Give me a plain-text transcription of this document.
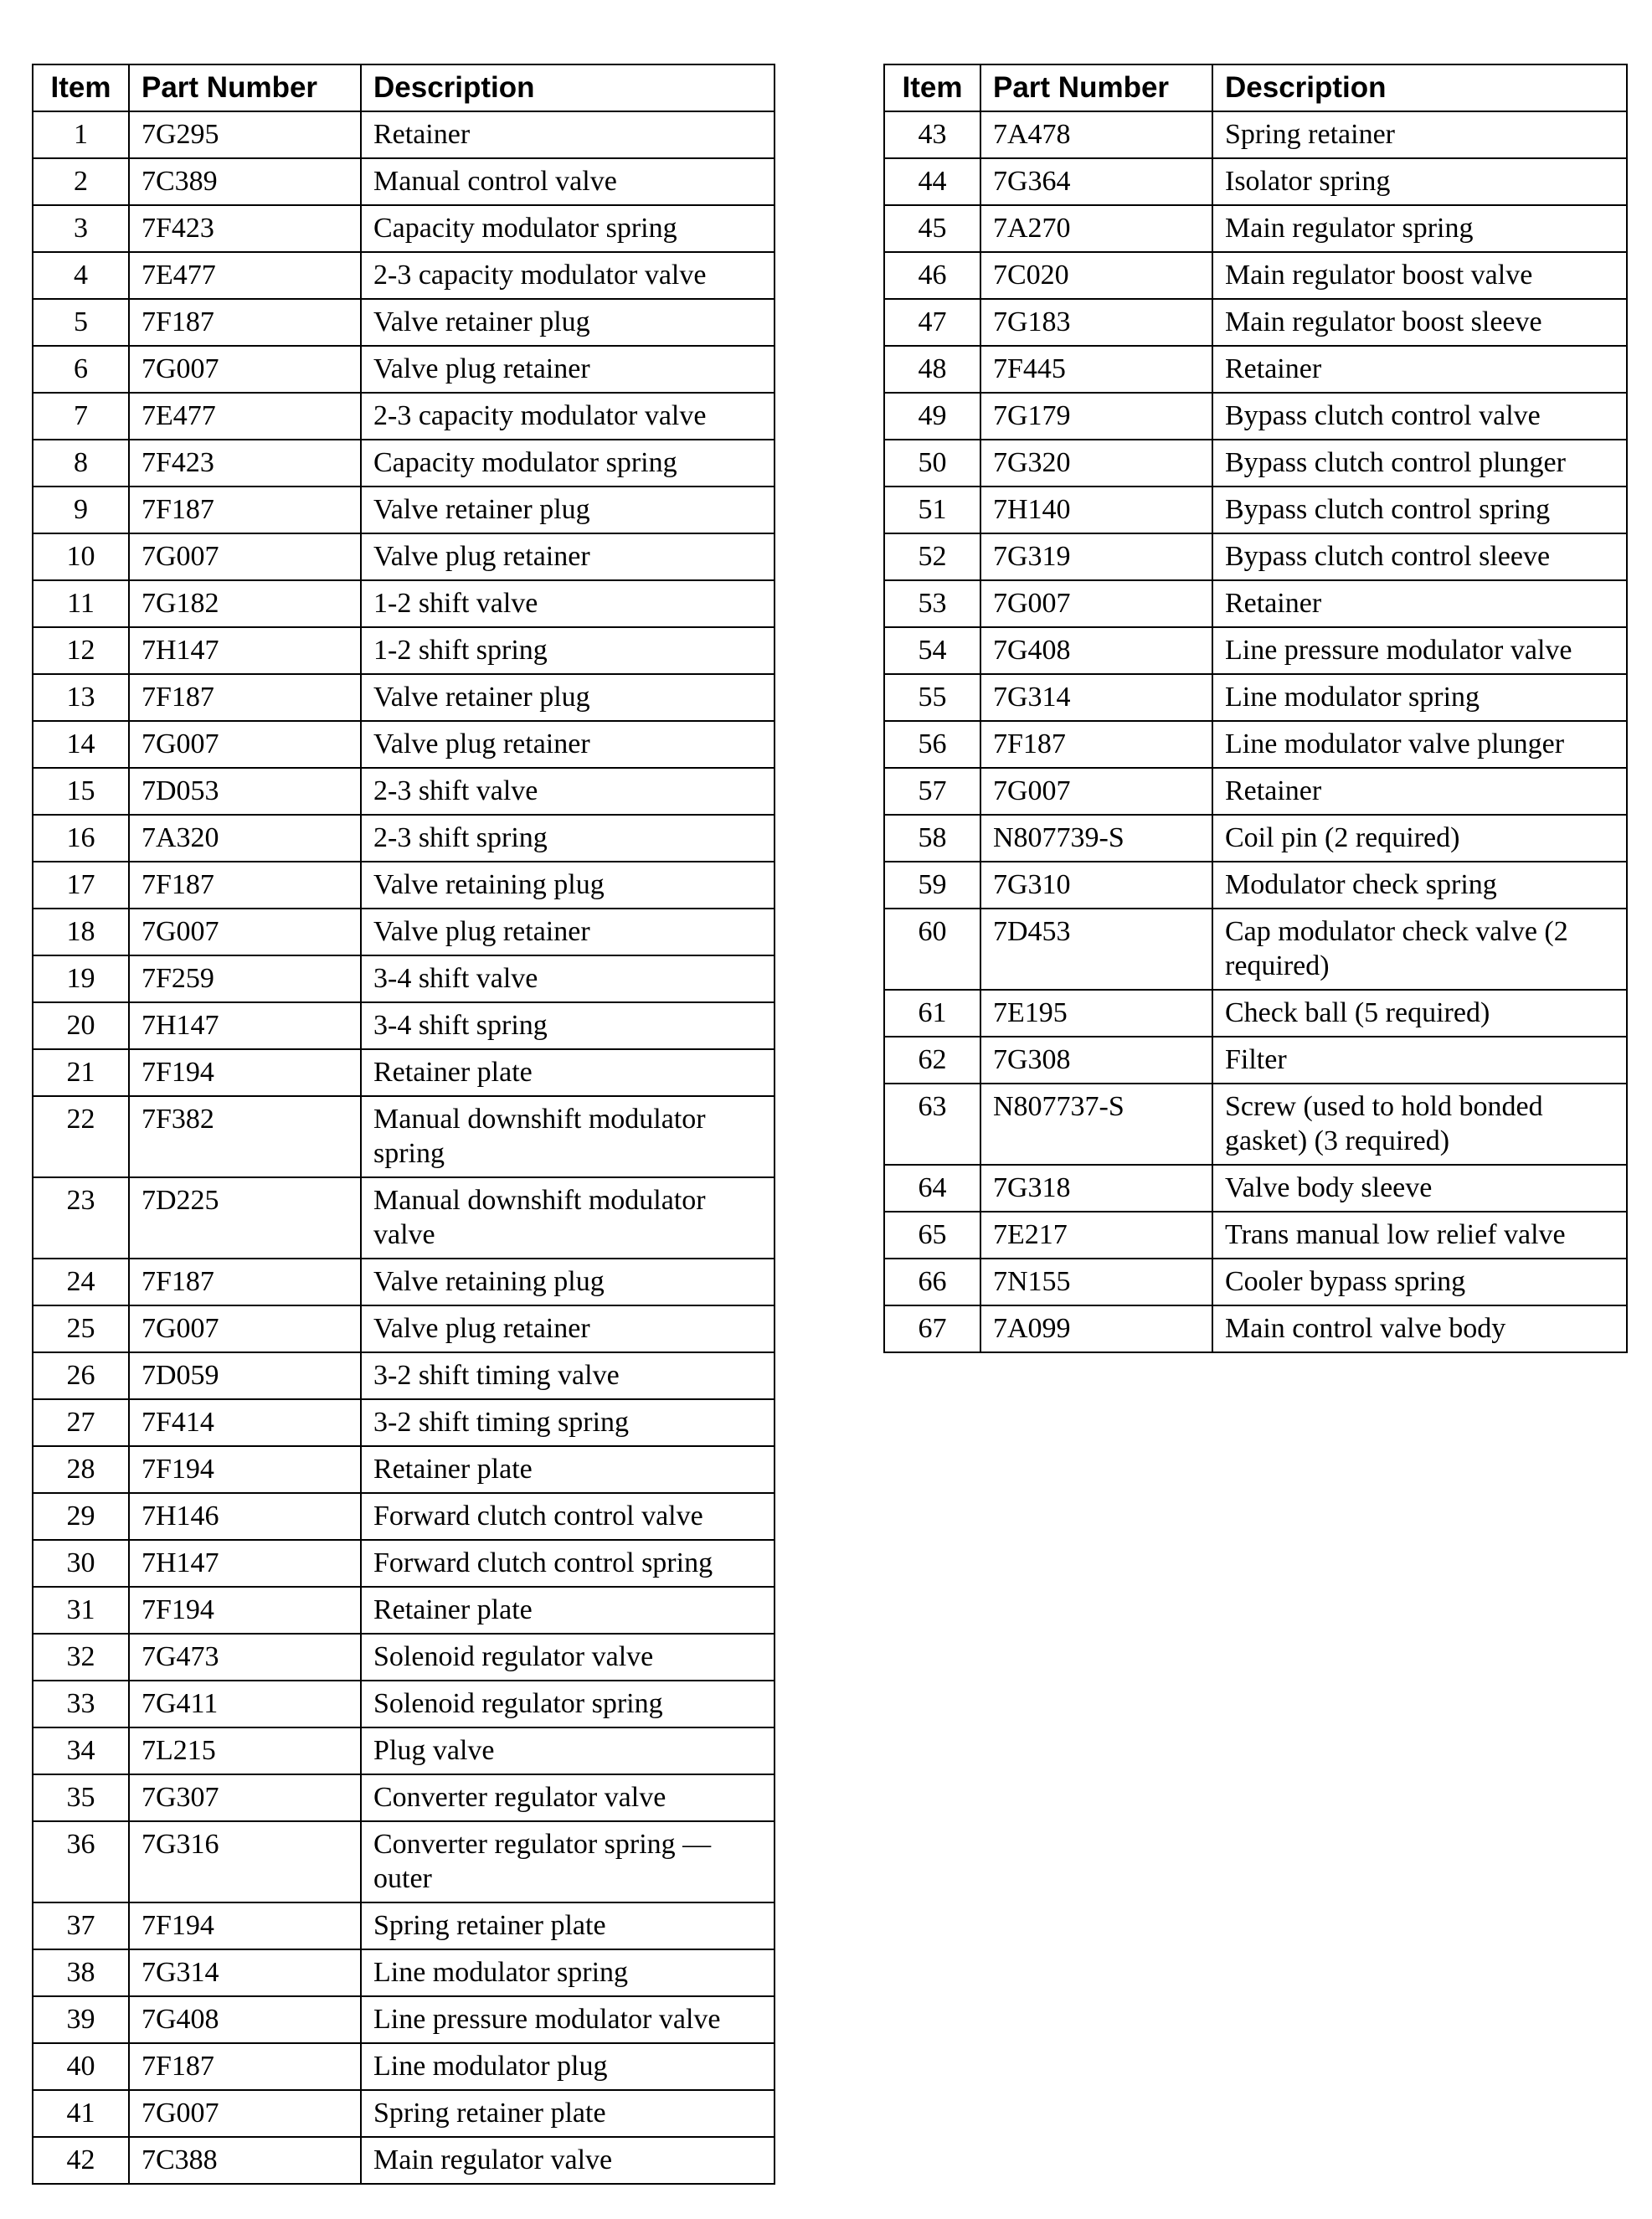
Item	Part Number	Description
1	7G295	Retainer
2	7C389	Manual control valve
3	7F423	Capacity modulator spring
4	7E477	2-3 capacity modulator valve
5	7F187	Valve retainer plug
6	7G007	Valve plug retainer
7	7E477	2-3 capacity modulator valve
8	7F423	Capacity modulator spring
9	7F187	Valve retainer plug
10	7G007	Valve plug retainer
11	7G182	1-2 shift valve
12	7H147	1-2 shift spring
13	7F187	Valve retainer plug
14	7G007	Valve plug retainer
15	7D053	2-3 shift valve
16	7A320	2-3 shift spring
17	7F187	Valve retaining plug
18	7G007	Valve plug retainer
19	7F259	3-4 shift valve
20	7H147	3-4 shift spring
21	7F194	Retainer plate
22	7F382	Manual downshift modulator spring
23	7D225	Manual downshift modulator valve
24	7F187	Valve retaining plug
25	7G007	Valve plug retainer
26	7D059	3-2 shift timing valve
27	7F414	3-2 shift timing spring
28	7F194	Retainer plate
29	7H146	Forward clutch control valve
30	7H147	Forward clutch control spring
31	7F194	Retainer plate
32	7G473	Solenoid regulator valve
33	7G411	Solenoid regulator spring
34	7L215	Plug valve
35	7G307	Converter regulator valve
36	7G316	Converter regulator spring — outer
37	7F194	Spring retainer plate
38	7G314	Line modulator spring
39	7G408	Line pressure modulator valve
40	7F187	Line modulator plug
41	7G007	Spring retainer plate
42	7C388	Main regulator valve
Item	Part Number	Description
43	7A478	Spring retainer
44	7G364	Isolator spring
45	7A270	Main regulator spring
46	7C020	Main regulator boost valve
47	7G183	Main regulator boost sleeve
48	7F445	Retainer
49	7G179	Bypass clutch control valve
50	7G320	Bypass clutch control plunger
51	7H140	Bypass clutch control spring
52	7G319	Bypass clutch control sleeve
53	7G007	Retainer
54	7G408	Line pressure modulator valve
55	7G314	Line modulator spring
56	7F187	Line modulator valve plunger
57	7G007	Retainer
58	N807739-S	Coil pin (2 required)
59	7G310	Modulator check spring
60	7D453	Cap modulator check valve (2 required)
61	7E195	Check ball (5 required)
62	7G308	Filter
63	N807737-S	Screw (used to hold bonded gasket) (3 required)
64	7G318	Valve body sleeve
65	7E217	Trans manual low relief valve
66	7N155	Cooler bypass spring
67	7A099	Main control valve body
